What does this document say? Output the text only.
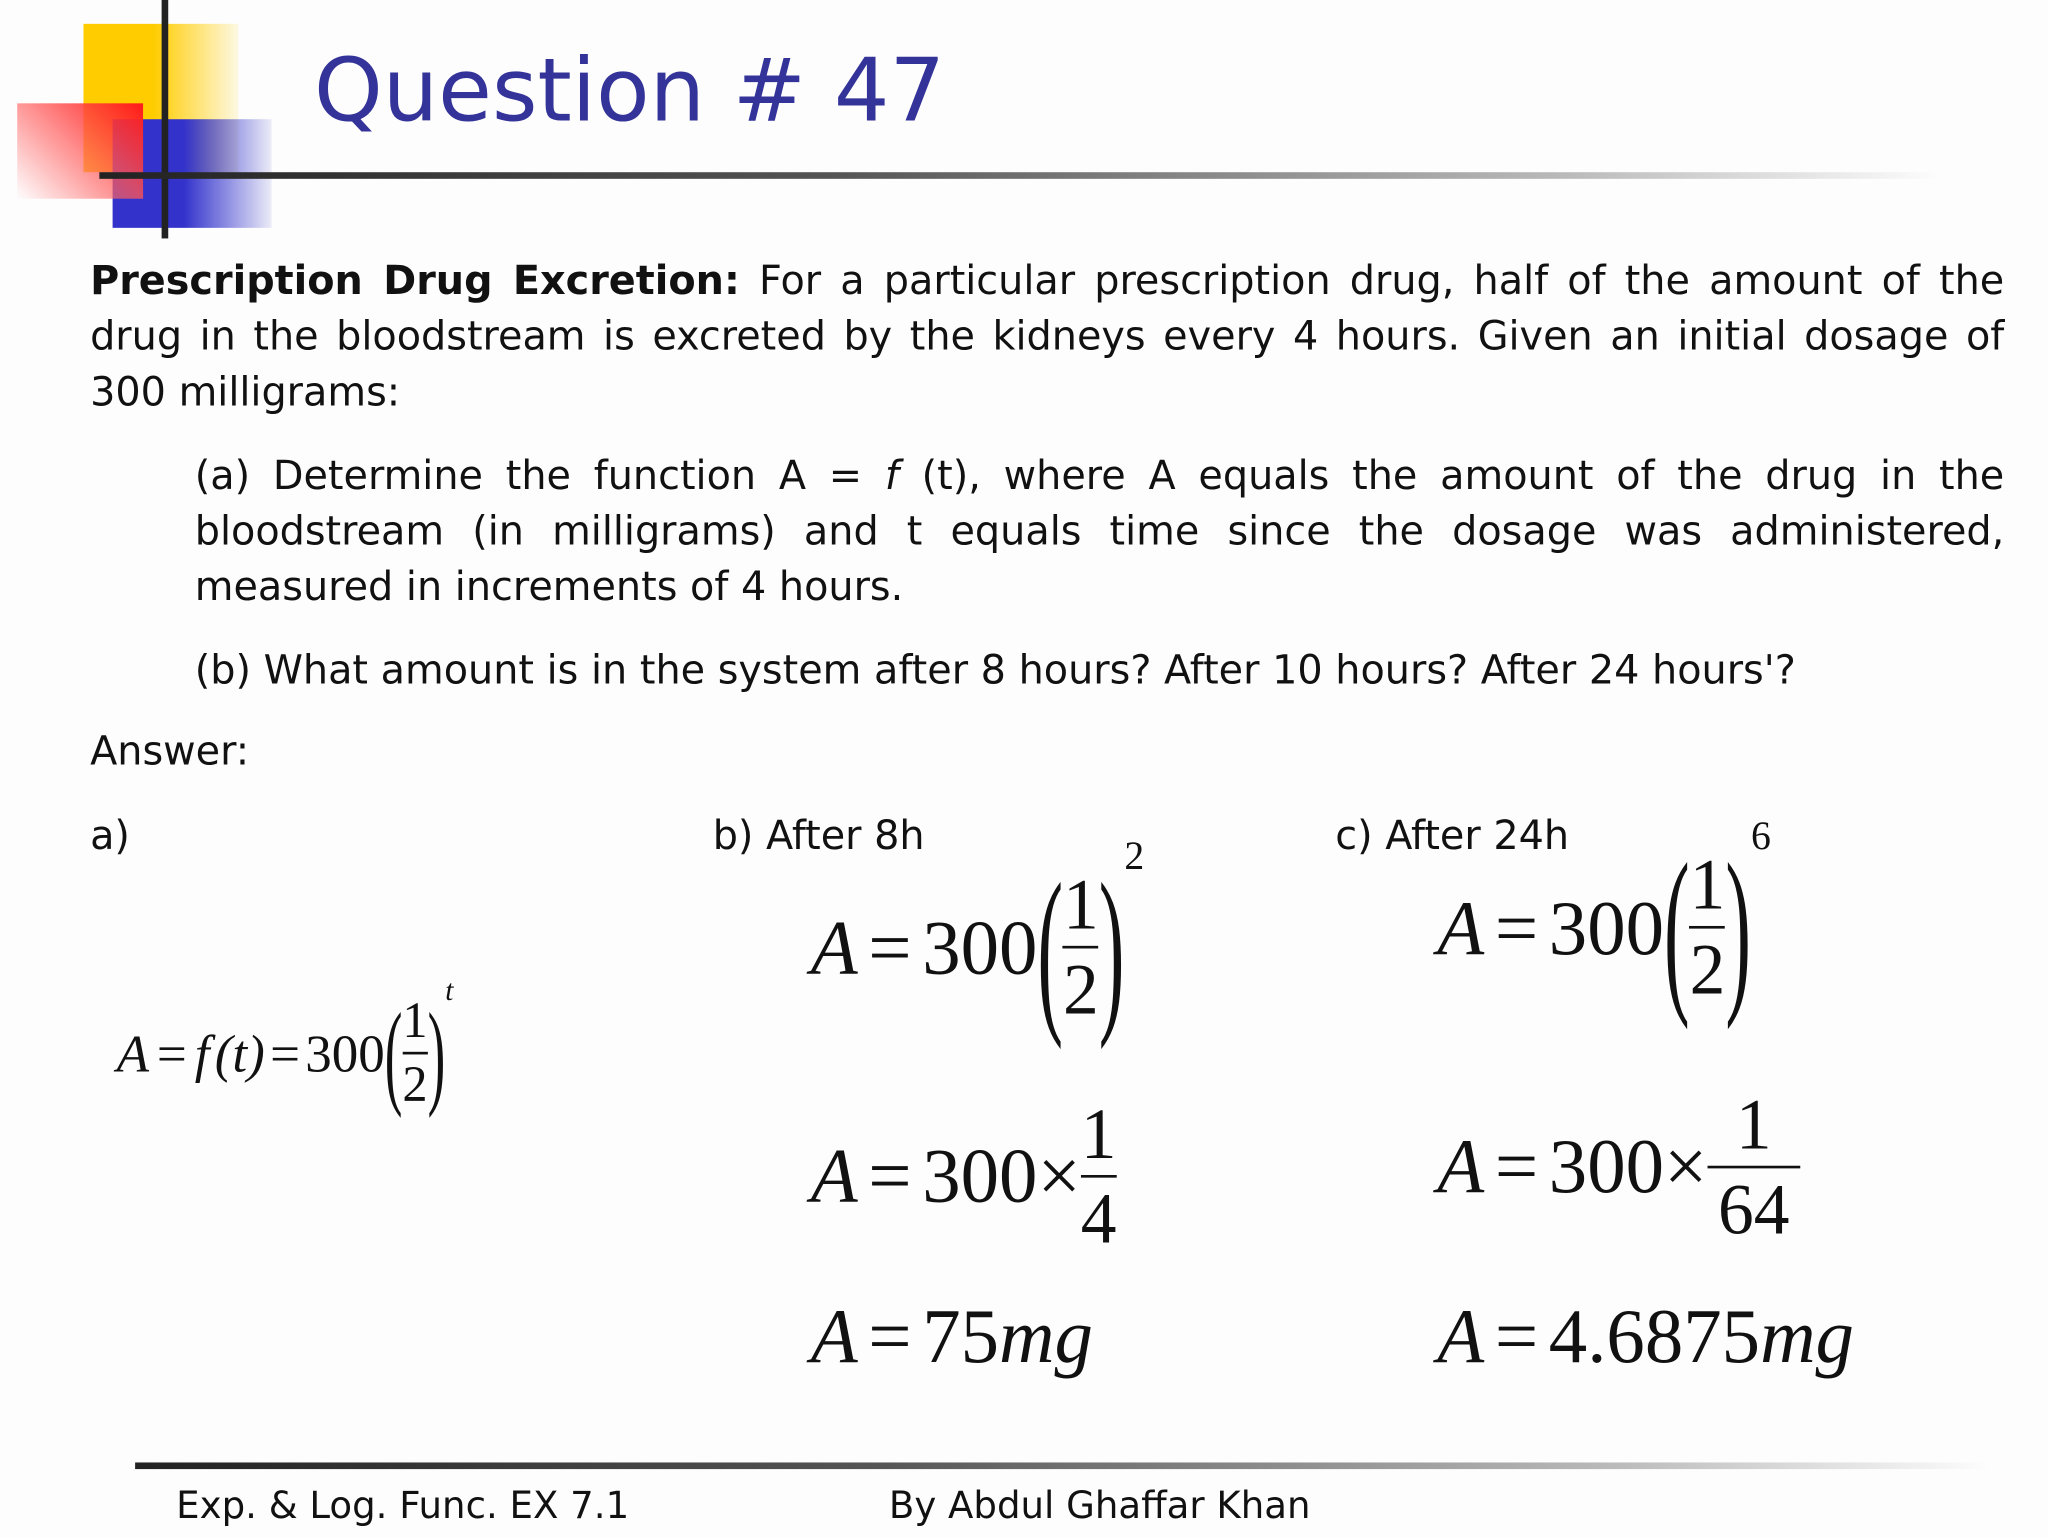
Question # 47
Prescription Drug Excretion: For a particular prescription drug, half of the amount of the drug in the bloodstream is excreted by the kidneys every 4 hours. Given an initial dosage of 300 milligrams:
(a) Determine the function A = f (t), where A equals the amount of the drug in the bloodstream (in milligrams) and t equals time since the dosage was administered, measured in increments of 4 hours.
(b) What amount is in the system after 8 hours? After 10 hours? After 24 hours'?
Answer:
a)	b) After 8h	c) After 24h
A = f (t) = 300 ( $\frac{1}{2}$ ) t	A = 300 ( $\frac{1}{2}$ ) 2
$A = 300\times \frac{1}{4}$
A = 75 mg
A = 300 ( $\frac{1}{2}$ ) 6
$A = 300\times \frac{1}{64}$
A = 4.6875 mg
Exp. & Log. Func. EX 7.1	By Abdul Ghaffar Khan
